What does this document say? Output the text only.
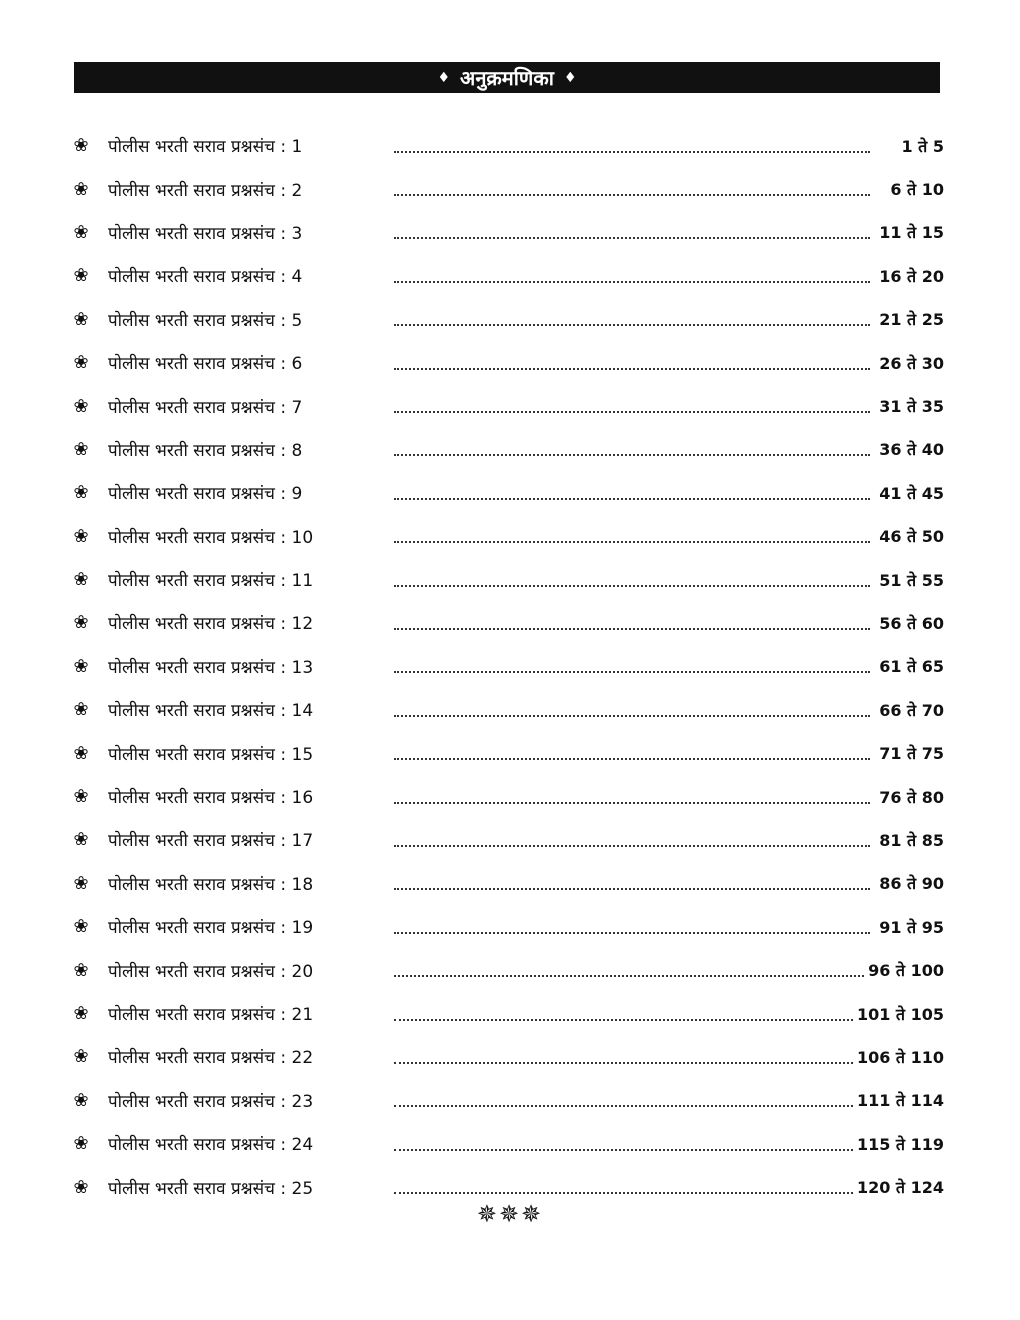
♦ अनुक्रमणिका ♦
❀ पोलीस भरती सराव प्रश्नसंच : 1	1 ते 5
❀ पोलीस भरती सराव प्रश्नसंच : 2	6 ते 10
❀ पोलीस भरती सराव प्रश्नसंच : 3	11 ते 15
❀ पोलीस भरती सराव प्रश्नसंच : 4	16 ते 20
❀ पोलीस भरती सराव प्रश्नसंच : 5	21 ते 25
❀ पोलीस भरती सराव प्रश्नसंच : 6	26 ते 30
❀ पोलीस भरती सराव प्रश्नसंच : 7	31 ते 35
❀ पोलीस भरती सराव प्रश्नसंच : 8	36 ते 40
❀ पोलीस भरती सराव प्रश्नसंच : 9	41 ते 45
❀ पोलीस भरती सराव प्रश्नसंच : 10	46 ते 50
❀ पोलीस भरती सराव प्रश्नसंच : 11	51 ते 55
❀ पोलीस भरती सराव प्रश्नसंच : 12	56 ते 60
❀ पोलीस भरती सराव प्रश्नसंच : 13	61 ते 65
❀ पोलीस भरती सराव प्रश्नसंच : 14	66 ते 70
❀ पोलीस भरती सराव प्रश्नसंच : 15	71 ते 75
❀ पोलीस भरती सराव प्रश्नसंच : 16	76 ते 80
❀ पोलीस भरती सराव प्रश्नसंच : 17	81 ते 85
❀ पोलीस भरती सराव प्रश्नसंच : 18	86 ते 90
❀ पोलीस भरती सराव प्रश्नसंच : 19	91 ते 95
❀ पोलीस भरती सराव प्रश्नसंच : 20	96 ते 100
❀ पोलीस भरती सराव प्रश्नसंच : 21	101 ते 105
❀ पोलीस भरती सराव प्रश्नसंच : 22	106 ते 110
❀ पोलीस भरती सराव प्रश्नसंच : 23	111 ते 114
❀ पोलीस भरती सराव प्रश्नसंच : 24	115 ते 119
❀ पोलीस भरती सराव प्रश्नसंच : 25	120 ते 124
✵✵✵
